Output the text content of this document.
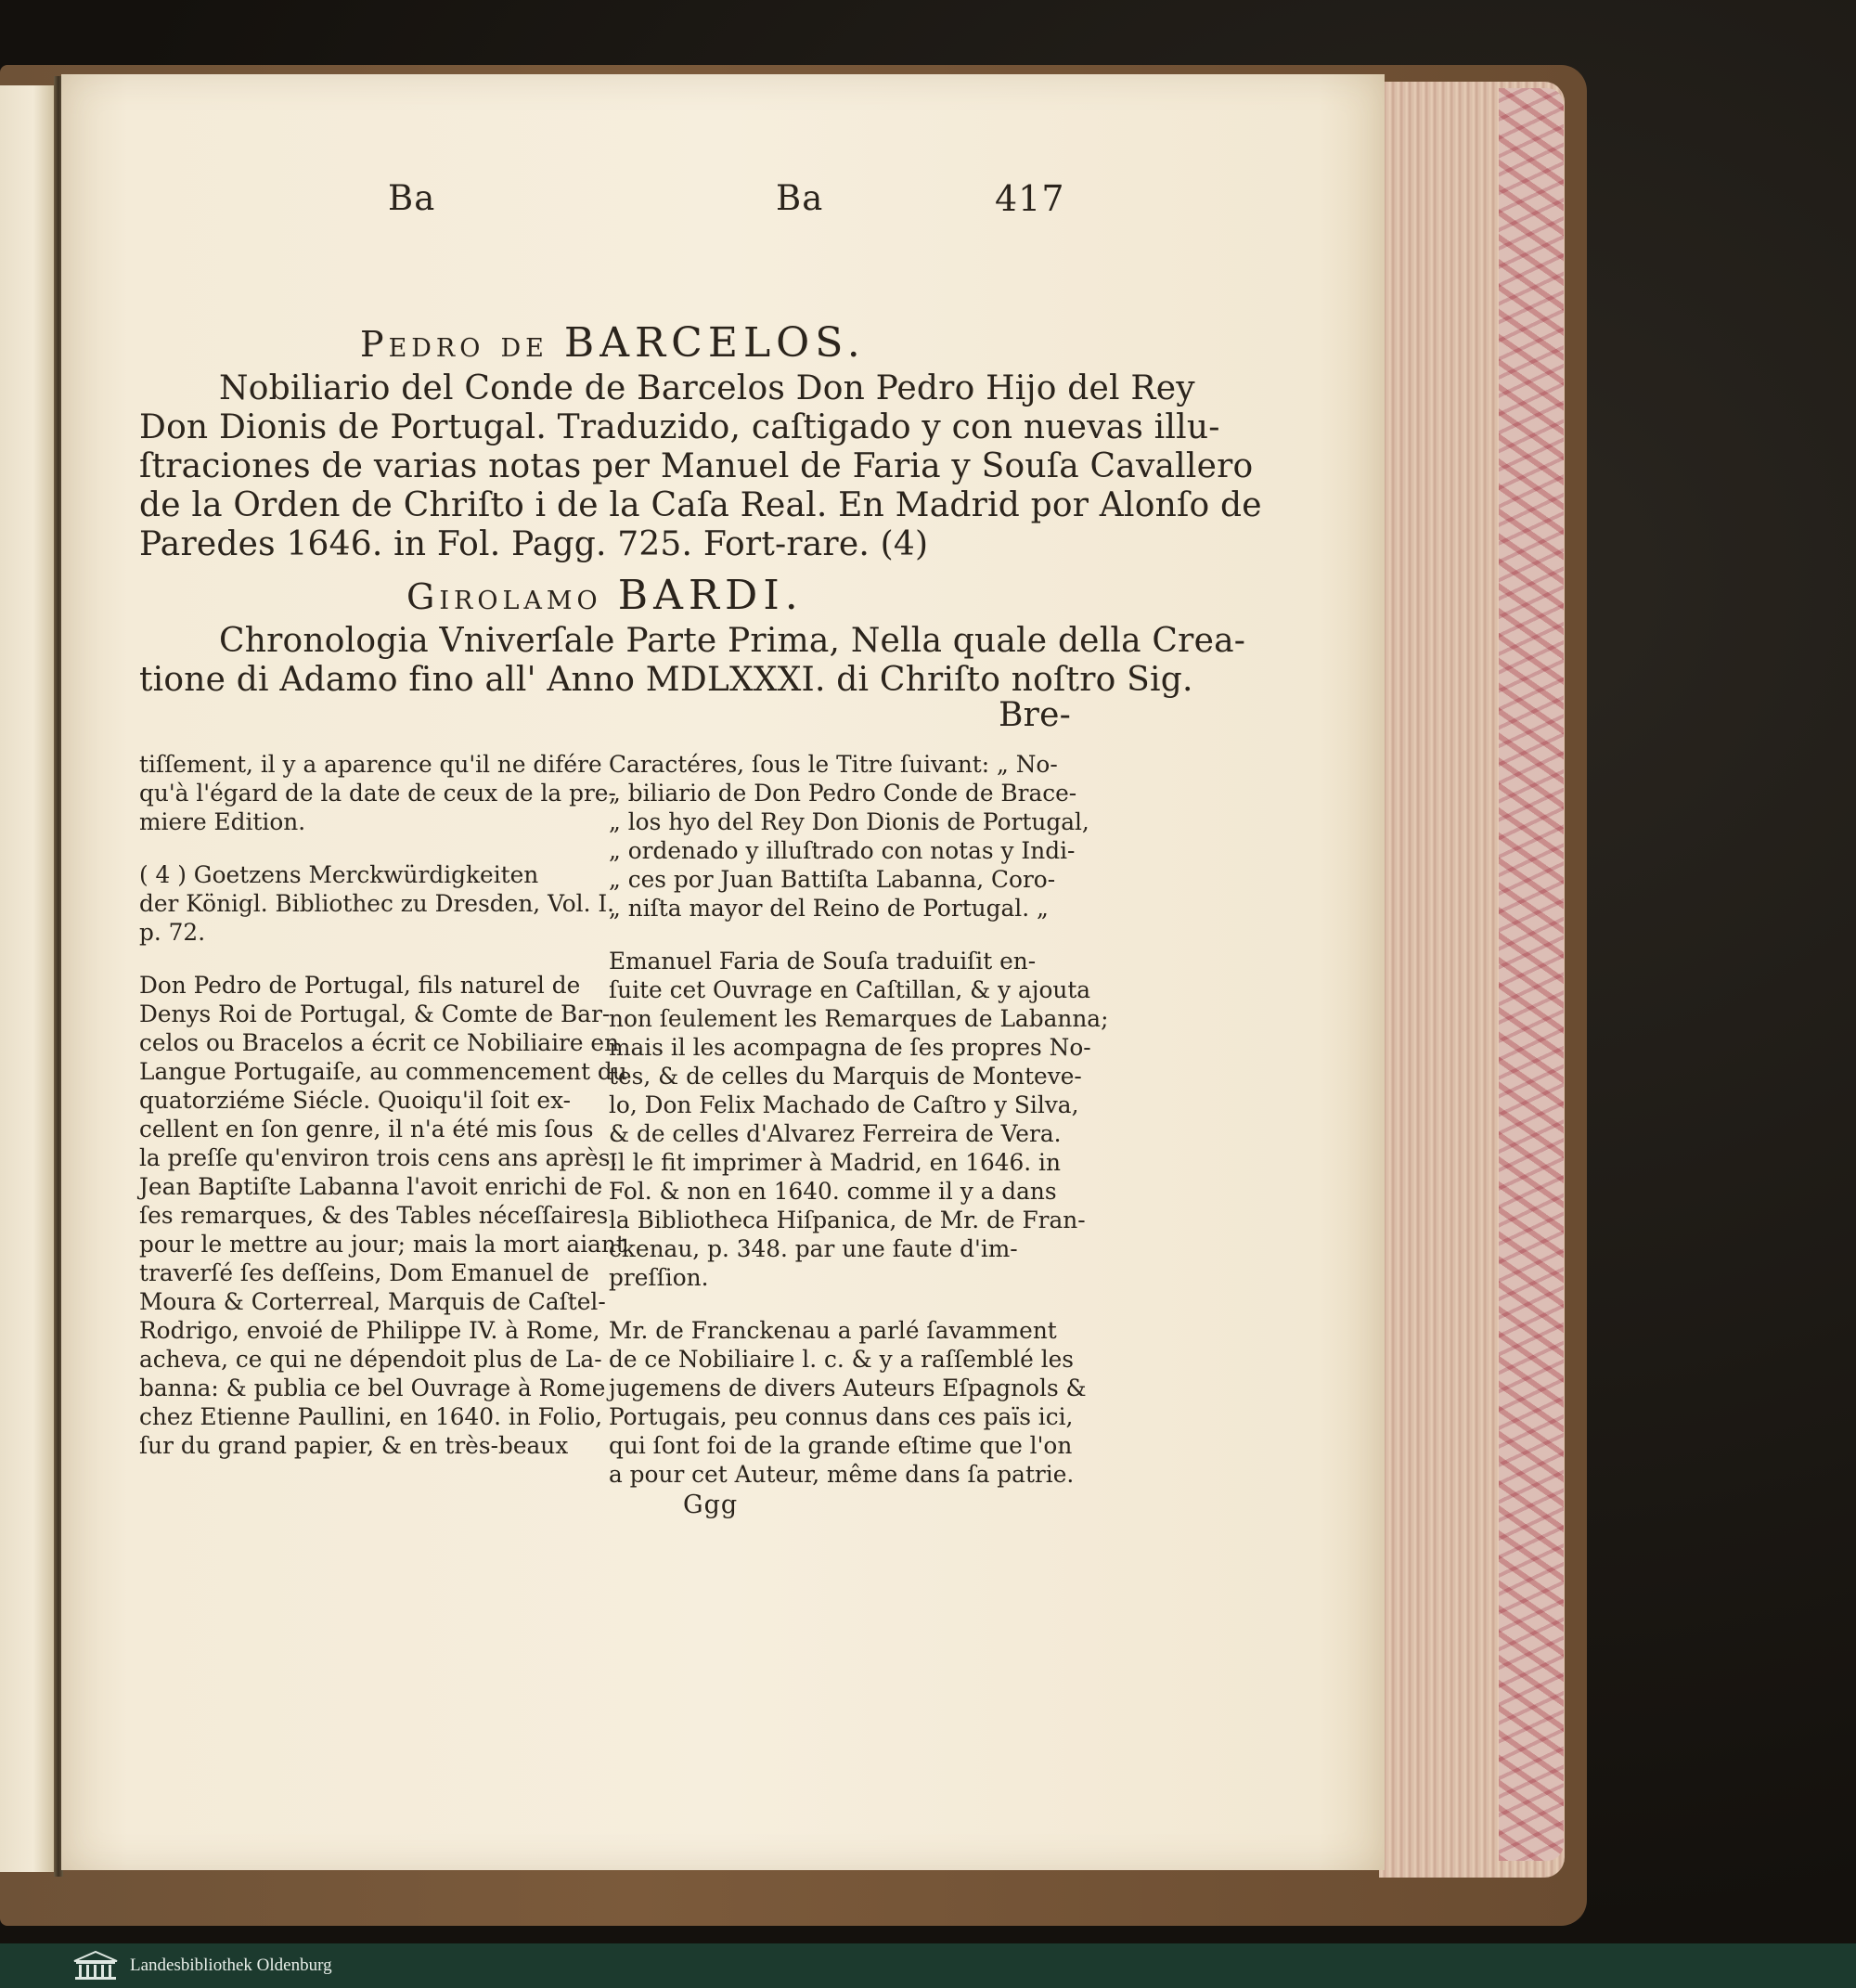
Ba	Ba	417
Pedro de BARCELOS.
Nobiliario del Conde de Barcelos Don Pedro Hijo del Rey
Don Dionis de Portugal. Traduzido, caſtigado y con nuevas illu-
ſtraciones de varias notas per Manuel de Faria y Souſa Cavallero
de la Orden de Chriſto i de la Caſa Real. En Madrid por Alonſo de
Paredes 1646. in Fol. Pagg. 725. Fort-rare. (4)
Girolamo BARDI.
Chronologia Vniverſale Parte Prima, Nella quale della Crea-
tione di Adamo fino all' Anno MDLXXXI. di Chriſto noſtro Sig.
Bre-
tiſſement, il y a aparence qu'il ne difére
qu'à l'égard de la date de ceux de la pre-
miere Edition.
( 4 ) Goetzens Merckwürdigkeiten
der Königl. Bibliothec zu Dresden, Vol. I.
p. 72.
Don Pedro de Portugal, fils naturel de
Denys Roi de Portugal, & Comte de Bar-
celos ou Bracelos a écrit ce Nobiliaire en
Langue Portugaiſe, au commencement du
quatorziéme Siécle. Quoiqu'il ſoit ex-
cellent en ſon genre, il n'a été mis ſous
la preſſe qu'environ trois cens ans après.
Jean Baptiſte Labanna l'avoit enrichi de
ſes remarques, & des Tables néceſſaires
pour le mettre au jour; mais la mort aiant
traverſé ſes deſſeins, Dom Emanuel de
Moura & Corterreal, Marquis de Caſtel-
Rodrigo, envoié de Philippe IV. à Rome,
acheva, ce qui ne dépendoit plus de La-
banna: & publia ce bel Ouvrage à Rome
chez Etienne Paullini, en 1640. in Folio,
ſur du grand papier, & en très-beaux
Caractéres, ſous le Titre ſuivant: „ No-
„ biliario de Don Pedro Conde de Brace-
„ los hyo del Rey Don Dionis de Portugal,
„ ordenado y illuſtrado con notas y Indi-
„ ces por Juan Battiſta Labanna, Coro-
„ niſta mayor del Reino de Portugal. „
Emanuel Faria de Souſa traduiſit en-
ſuite cet Ouvrage en Caſtillan, & y ajouta
non ſeulement les Remarques de Labanna;
mais il les acompagna de ſes propres No-
tes, & de celles du Marquis de Monteve-
lo, Don Felix Machado de Caſtro y Silva,
& de celles d'Alvarez Ferreira de Vera.
Il le fit imprimer à Madrid, en 1646. in
Fol. & non en 1640. comme il y a dans
la Bibliotheca Hiſpanica, de Mr. de Fran-
ckenau, p. 348. par une faute d'im-
preſſion.
Mr. de Franckenau a parlé ſavamment
de ce Nobiliaire l. c. & y a raſſemblé les
jugemens de divers Auteurs Eſpagnols &
Portugais, peu connus dans ces païs ici,
qui ſont foi de la grande eſtime que l'on
a pour cet Auteur, même dans ſa patrie.
Ggg
Landesbibliothek Oldenburg
